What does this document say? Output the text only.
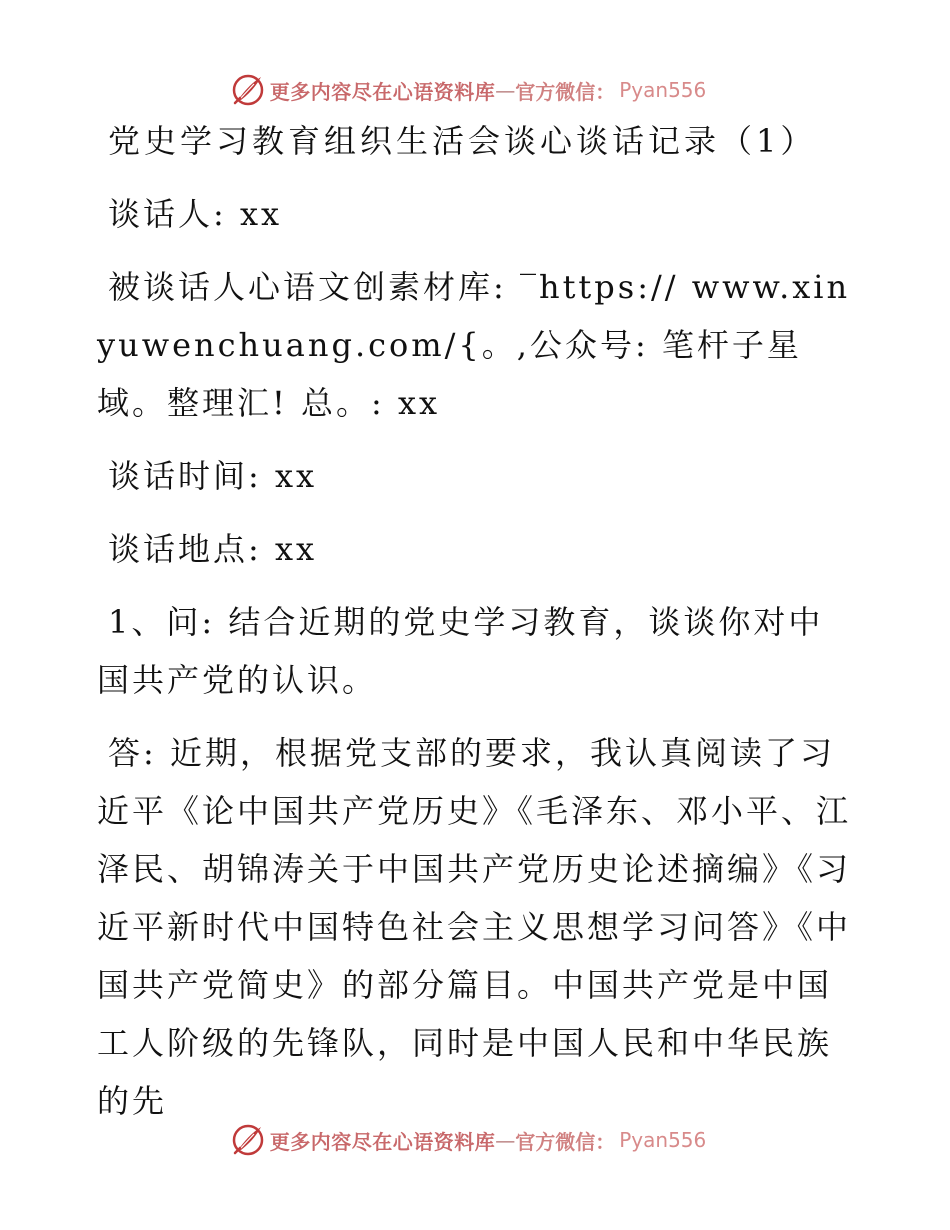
更多内容尽在心语资料库 — 官方微信： Pyan556

党史学习教育组织生活会谈心谈话记录（1）

谈话人: xx

被谈话人心语文创素材库: ‾https:// www.xinyuwenchuang.com/{。,公众号: 笔杆子星域。整理汇! 总。: xx

谈话时间: xx

谈话地点: xx

1、问: 结合近期的党史学习教育，谈谈你对中国共产党的认识。

答: 近期，根据党支部的要求，我认真阅读了习近平《论中国共产党历史》《毛泽东、邓小平、江泽民、胡锦涛关于中国共产党历史论述摘编》《习近平新时代中国特色社会主义思想学习问答》《中国共产党简史》的部分篇目。中国共产党是中国工人阶级的先锋队，同时是中国人民和中华民族的先

更多内容尽在心语资料库 — 官方微信： Pyan556
